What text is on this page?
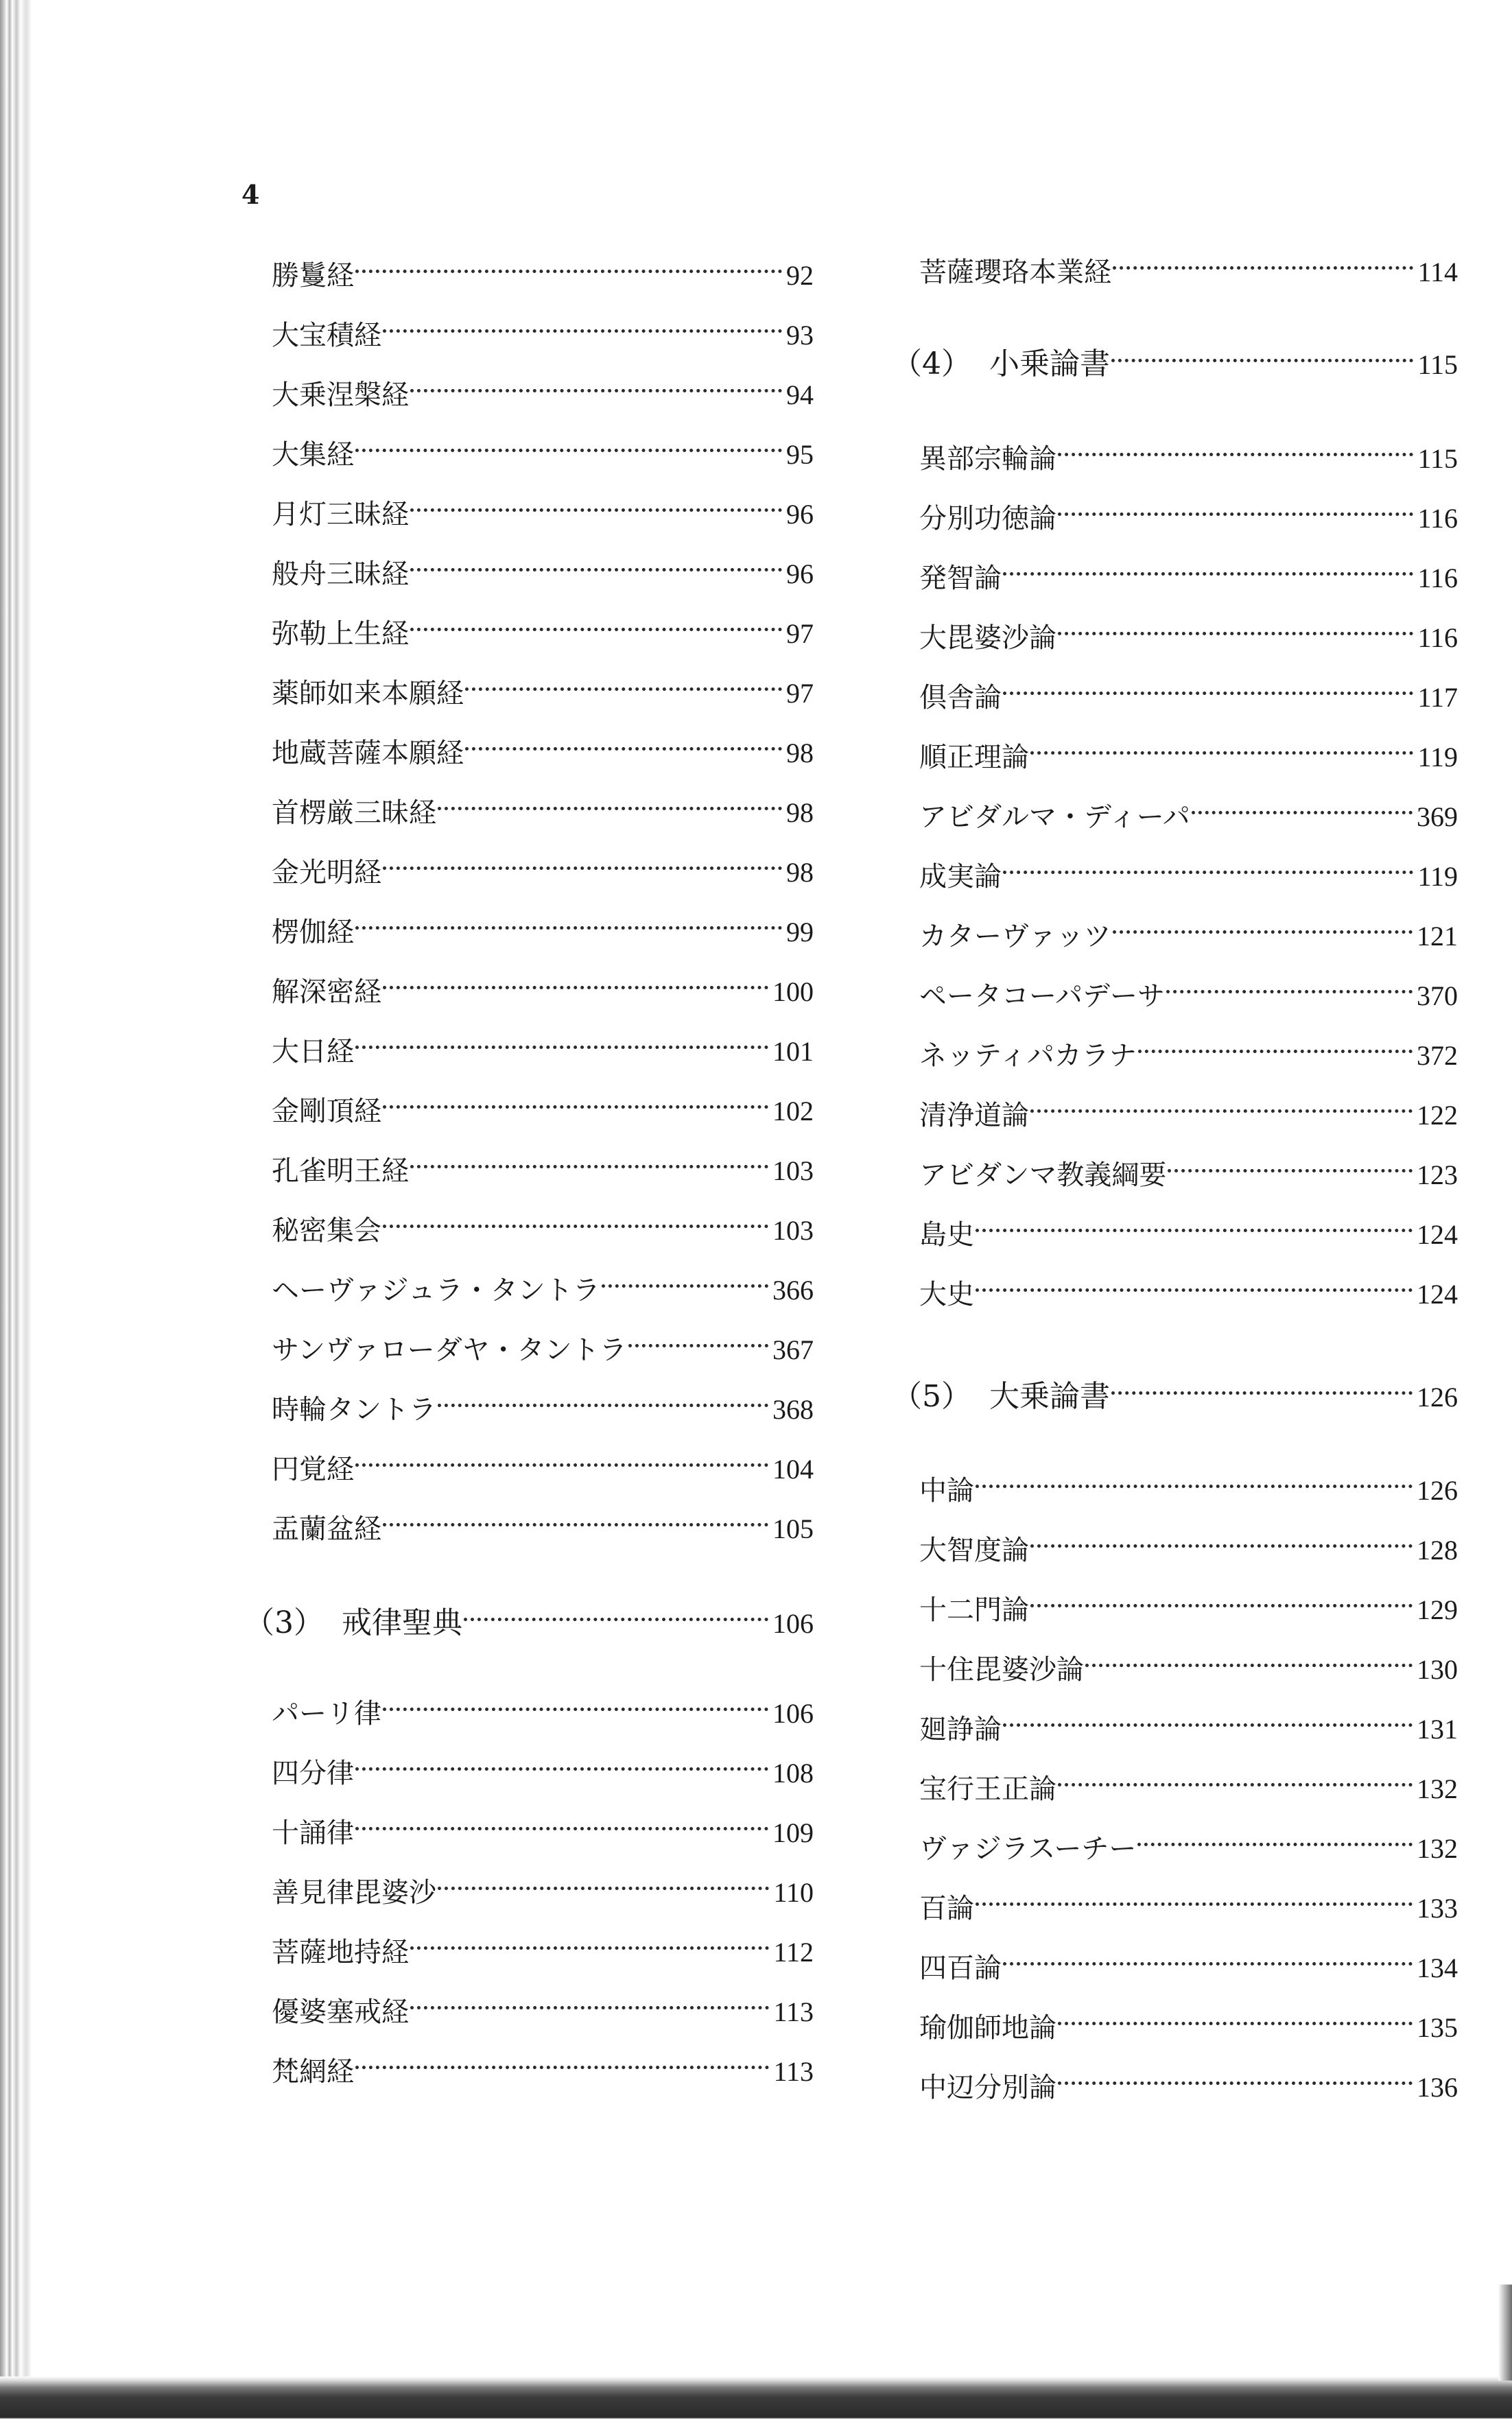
4
勝鬘経	92
大宝積経	93
大乗涅槃経	94
大集経	95
月灯三昧経	96
般舟三昧経	96
弥勒上生経	97
薬師如来本願経	97
地蔵菩薩本願経	98
首楞厳三昧経	98
金光明経	98
楞伽経	99
解深密経	100
大日経	101
金剛頂経	102
孔雀明王経	103
秘密集会	103
ヘーヴァジュラ・タントラ	366
サンヴァローダヤ・タントラ	367
時輪タントラ	368
円覚経	104
盂蘭盆経	105
（3） 戒律聖典	106
パーリ律	106
四分律	108
十誦律	109
善見律毘婆沙	110
菩薩地持経	112
優婆塞戒経	113
梵網経	113
菩薩瓔珞本業経	114
（4） 小乗論書	115
異部宗輪論	115
分別功徳論	116
発智論	116
大毘婆沙論	116
倶舎論	117
順正理論	119
アビダルマ・ディーパ	369
成実論	119
カターヴァッツ	121
ペータコーパデーサ	370
ネッティパカラナ	372
清浄道論	122
アビダンマ教義綱要	123
島史	124
大史	124
（5） 大乗論書	126
中論	126
大智度論	128
十二門論	129
十住毘婆沙論	130
廻諍論	131
宝行王正論	132
ヴァジラスーチー	132
百論	133
四百論	134
瑜伽師地論	135
中辺分別論	136
